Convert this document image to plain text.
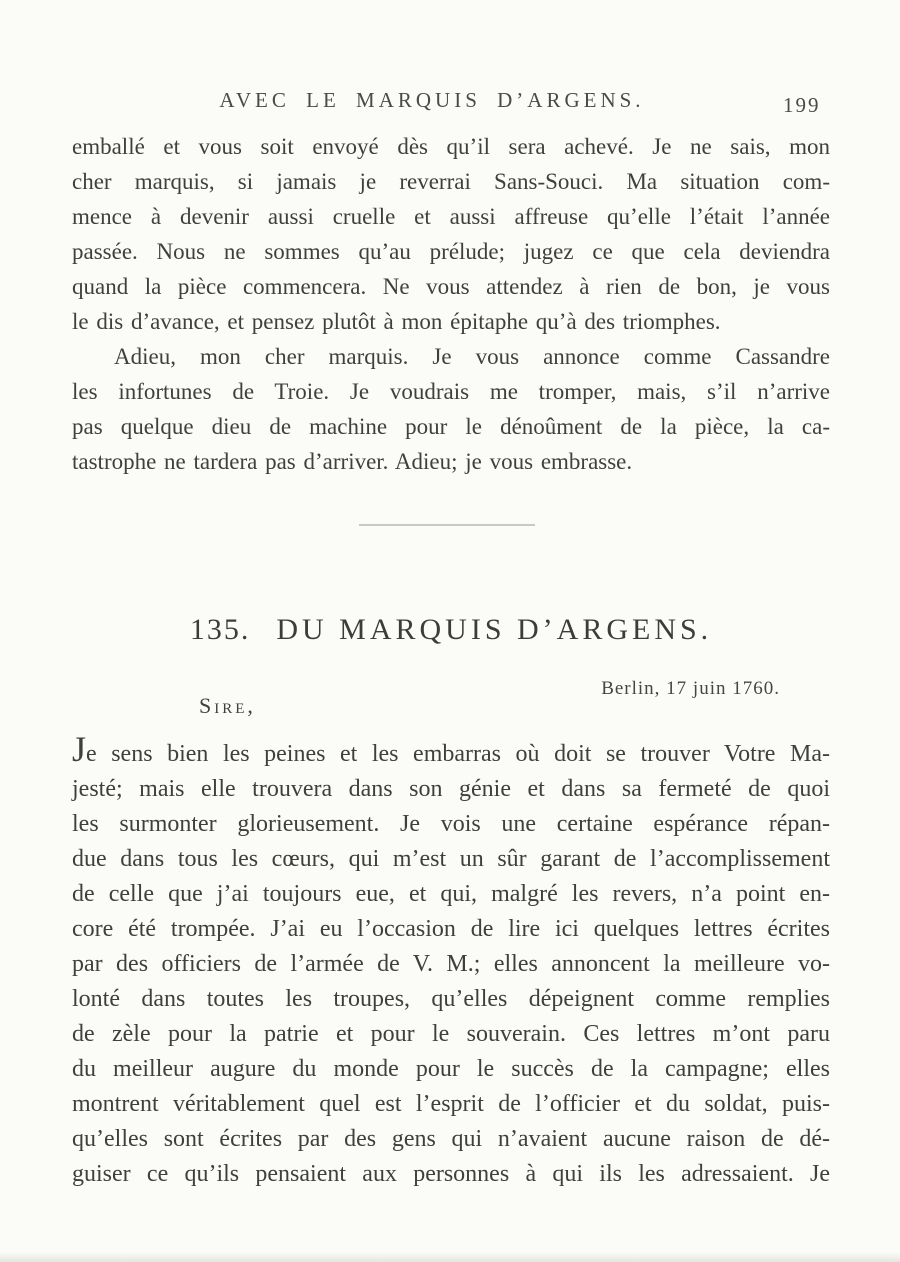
AVEC LE MARQUIS D’ARGENS.	199
emballé et vous soit envoyé dès qu’il sera achevé. Je ne sais, mon
cher marquis, si jamais je reverrai Sans-Souci. Ma situation com-
mence à devenir aussi cruelle et aussi affreuse qu’elle l’était l’année
passée. Nous ne sommes qu’au prélude; jugez ce que cela deviendra
quand la pièce commencera. Ne vous attendez à rien de bon, je vous
le dis d’avance, et pensez plutôt à mon épitaphe qu’à des triomphes.
Adieu, mon cher marquis. Je vous annonce comme Cassandre
les infortunes de Troie. Je voudrais me tromper, mais, s’il n’arrive
pas quelque dieu de machine pour le dénoûment de la pièce, la ca-
tastrophe ne tardera pas d’arriver. Adieu; je vous embrasse.
135. DU MARQUIS D’ARGENS.
Berlin, 17 juin 1760.
Sire,
Je sens bien les peines et les embarras où doit se trouver Votre Ma-
jesté; mais elle trouvera dans son génie et dans sa fermeté de quoi
les surmonter glorieusement. Je vois une certaine espérance répan-
due dans tous les cœurs, qui m’est un sûr garant de l’accomplissement
de celle que j’ai toujours eue, et qui, malgré les revers, n’a point en-
core été trompée. J’ai eu l’occasion de lire ici quelques lettres écrites
par des officiers de l’armée de V. M.; elles annoncent la meilleure vo-
lonté dans toutes les troupes, qu’elles dépeignent comme remplies
de zèle pour la patrie et pour le souverain. Ces lettres m’ont paru
du meilleur augure du monde pour le succès de la campagne; elles
montrent véritablement quel est l’esprit de l’officier et du soldat, puis-
qu’elles sont écrites par des gens qui n’avaient aucune raison de dé-
guiser ce qu’ils pensaient aux personnes à qui ils les adressaient. Je
